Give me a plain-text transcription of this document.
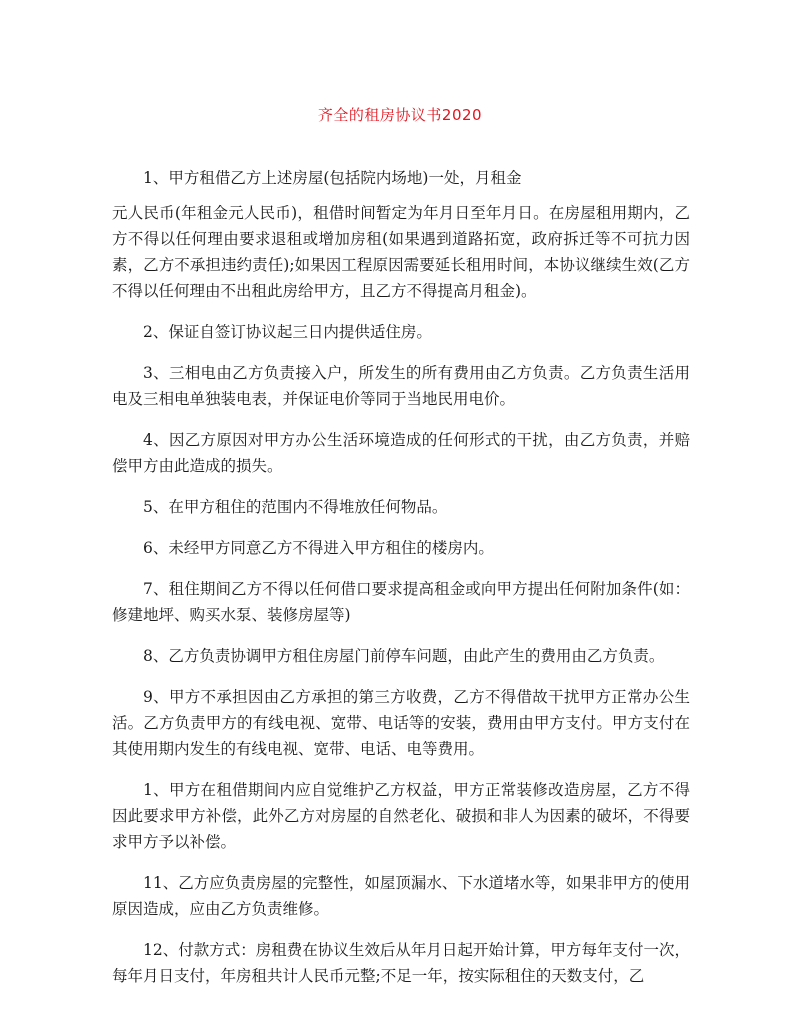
齐全的租房协议书2020

1、甲方租借乙方上述房屋(包括院内场地)一处，月租金

元人民币(年租金元人民币)，租借时间暂定为年月日至年月日。在房屋租用期内，乙方不得以任何理由要求退租或增加房租(如果遇到道路拓宽，政府拆迁等不可抗力因素，乙方不承担违约责任);如果因工程原因需要延长租用时间，本协议继续生效(乙方不得以任何理由不出租此房给甲方，且乙方不得提高月租金)。

2、保证自签订协议起三日内提供适住房。

3、三相电由乙方负责接入户，所发生的所有费用由乙方负责。乙方负责生活用电及三相电单独装电表，并保证电价等同于当地民用电价。

4、因乙方原因对甲方办公生活环境造成的任何形式的干扰，由乙方负责，并赔偿甲方由此造成的损失。

5、在甲方租住的范围内不得堆放任何物品。

6、未经甲方同意乙方不得进入甲方租住的楼房内。

7、租住期间乙方不得以任何借口要求提高租金或向甲方提出任何附加条件(如：修建地坪、购买水泵、装修房屋等)

8、乙方负责协调甲方租住房屋门前停车问题，由此产生的费用由乙方负责。

9、甲方不承担因由乙方承担的第三方收费，乙方不得借故干扰甲方正常办公生活。乙方负责甲方的有线电视、宽带、电话等的安装，费用由甲方支付。甲方支付在其使用期内发生的有线电视、宽带、电话、电等费用。

1、甲方在租借期间内应自觉维护乙方权益，甲方正常装修改造房屋，乙方不得因此要求甲方补偿，此外乙方对房屋的自然老化、破损和非人为因素的破坏，不得要求甲方予以补偿。

11、乙方应负责房屋的完整性，如屋顶漏水、下水道堵水等，如果非甲方的使用原因造成，应由乙方负责维修。

12、付款方式：房租费在协议生效后从年月日起开始计算，甲方每年支付一次，每年月日支付，年房租共计人民币元整;不足一年，按实际租住的天数支付，乙
